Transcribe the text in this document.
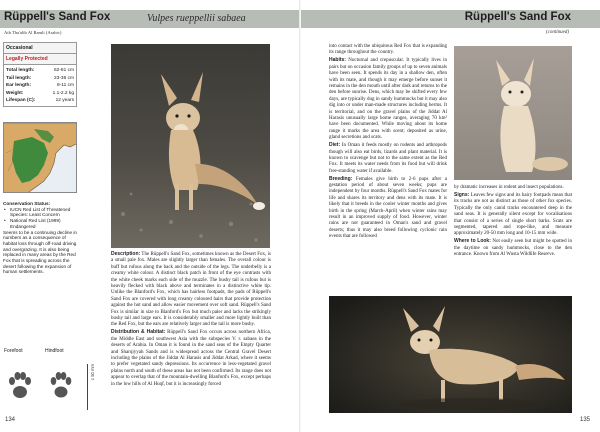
Rüppell's Sand Fox	Vulpes rueppellii sabaea
Ath Tha'alib Al Ramli (Arabic)
Occasional
Legally Protected
Total length:	62-81 cm
Tail length:	23-36 cm
Ear length:	8-11 cm
Weight:	1.1-2.2 kg
Lifespan (C):	12 years
Conservation Status:
• IUCN Red List of Threatened Species: Least Concern
• National Red List (1999) Endangered
Seems to be a continuing decline in numbers as a consequence of habitat loss through off-road driving and overgrazing. It is also being replaced in many areas by the Red Fox that is spreading across the desert following the expansion of human settlements.
Forefoot	Hindfoot
c 50 mm

Description: The Rüppell's Sand Fox, sometimes known as the Desert Fox, is a small pale fox. Males are slightly larger than females. The overall colour is buff but rufous along the back and the outside of the legs. The underbelly is a creamy white colour. A distinct black patch in front of the eye contrasts with the white cheek marks each side of the muzzle. The bushy tail is rufous but is heavily flecked with black above and terminates in a distinctive white tip. Unlike the Blanford's Fox, which has hairless footpads, the pads of Rüppell's Sand Fox are covered with long creamy coloured hairs that provide protection against the hot sand and allow easier movement over soft sand. Rüppell's Sand Fox is similar in size to Blanford's Fox but much paler and lacks the strikingly bushy tail and large ears. It is considerably smaller and more lightly built than the Red Fox, but the ears are relatively larger and the tail is more bushy.

Distribution & Habitat: Rüppell's Sand Fox occurs across northern Africa, the Middle East and southwest Asia with the subspecies V. r. sabaea in the deserts of Arabia. In Oman it is found in the sand seas of the Empty Quarter and Sharqiyyah Sands and is widespread across the Central Gravel Desert including the plains of the Jiddat Al Harasis and Jiddat Arkad, where it seems to prefer vegetated sandy depressions. Its occurrence in less-vegetated gravel plains north and south of these areas has not been confirmed. Its range does not appear to overlap that of the mountain-dwelling Blanford's Fox, except perhaps in the low hills of Al Huqf, but it is increasingly forced

134
Rüppell's Sand Fox
(continued)

into contact with the ubiquitous Red Fox that is expanding its range throughout the country.

Habits: Nocturnal and crepuscular. It typically lives in pairs but on occasion family groups of up to seven animals have been seen. It spends its day in a shallow den, often with its mate, and though it may emerge before sunset it remains in the den mouth until after dark and returns to the den before sunrise. Dens, which may be shifted every few days, are typically dug in sandy hummocks but it may also dig into or under man-made structures including berms. It is territorial, and on the gravel plains of the Jiddat Al Harasis unusually large home ranges, averaging 70 km² have been documented. While moving about its home range it marks the area with scent; deposited as urine, gland secretions and scats.

Diet: In Oman it feeds mostly on rodents and arthropods though will also eat birds, lizards and plant material. It is known to scavenge but not to the same extent as the Red Fox. It meets its water needs from its food but will drink free-standing water if available.

Breeding: Females give birth to 2-6 pups after a gestation period of about seven weeks; pups are independent by four months. Rüppell's Sand Fox mates for life and shares its territory and dens with its mate. It is likely that it breeds in the cooler winter months and gives birth in the spring (March-April) when winter rains may result in an improved supply of food. However, winter rains are not guaranteed in Oman's sand and gravel deserts; thus it may also breed following cyclonic rain events that are followed

by dramatic increases in rodent and insect populations.

Signs: Leaves few signs and its hairy footpads mean that its tracks are not as distinct as those of other fox species. Typically the only canid tracks encountered deep in the sand seas. It is generally silent except for vocalisations that consist of a series of single short barks. Scats are segmented, tapered and rope-like, and measure approximately 20-50 mm long and 10-15 mm wide.

Where to Look: Not easily seen but might be spotted in the daytime on sandy hummocks, close to the den entrance. Known from Al Wusta Wildlife Reserve.

135
